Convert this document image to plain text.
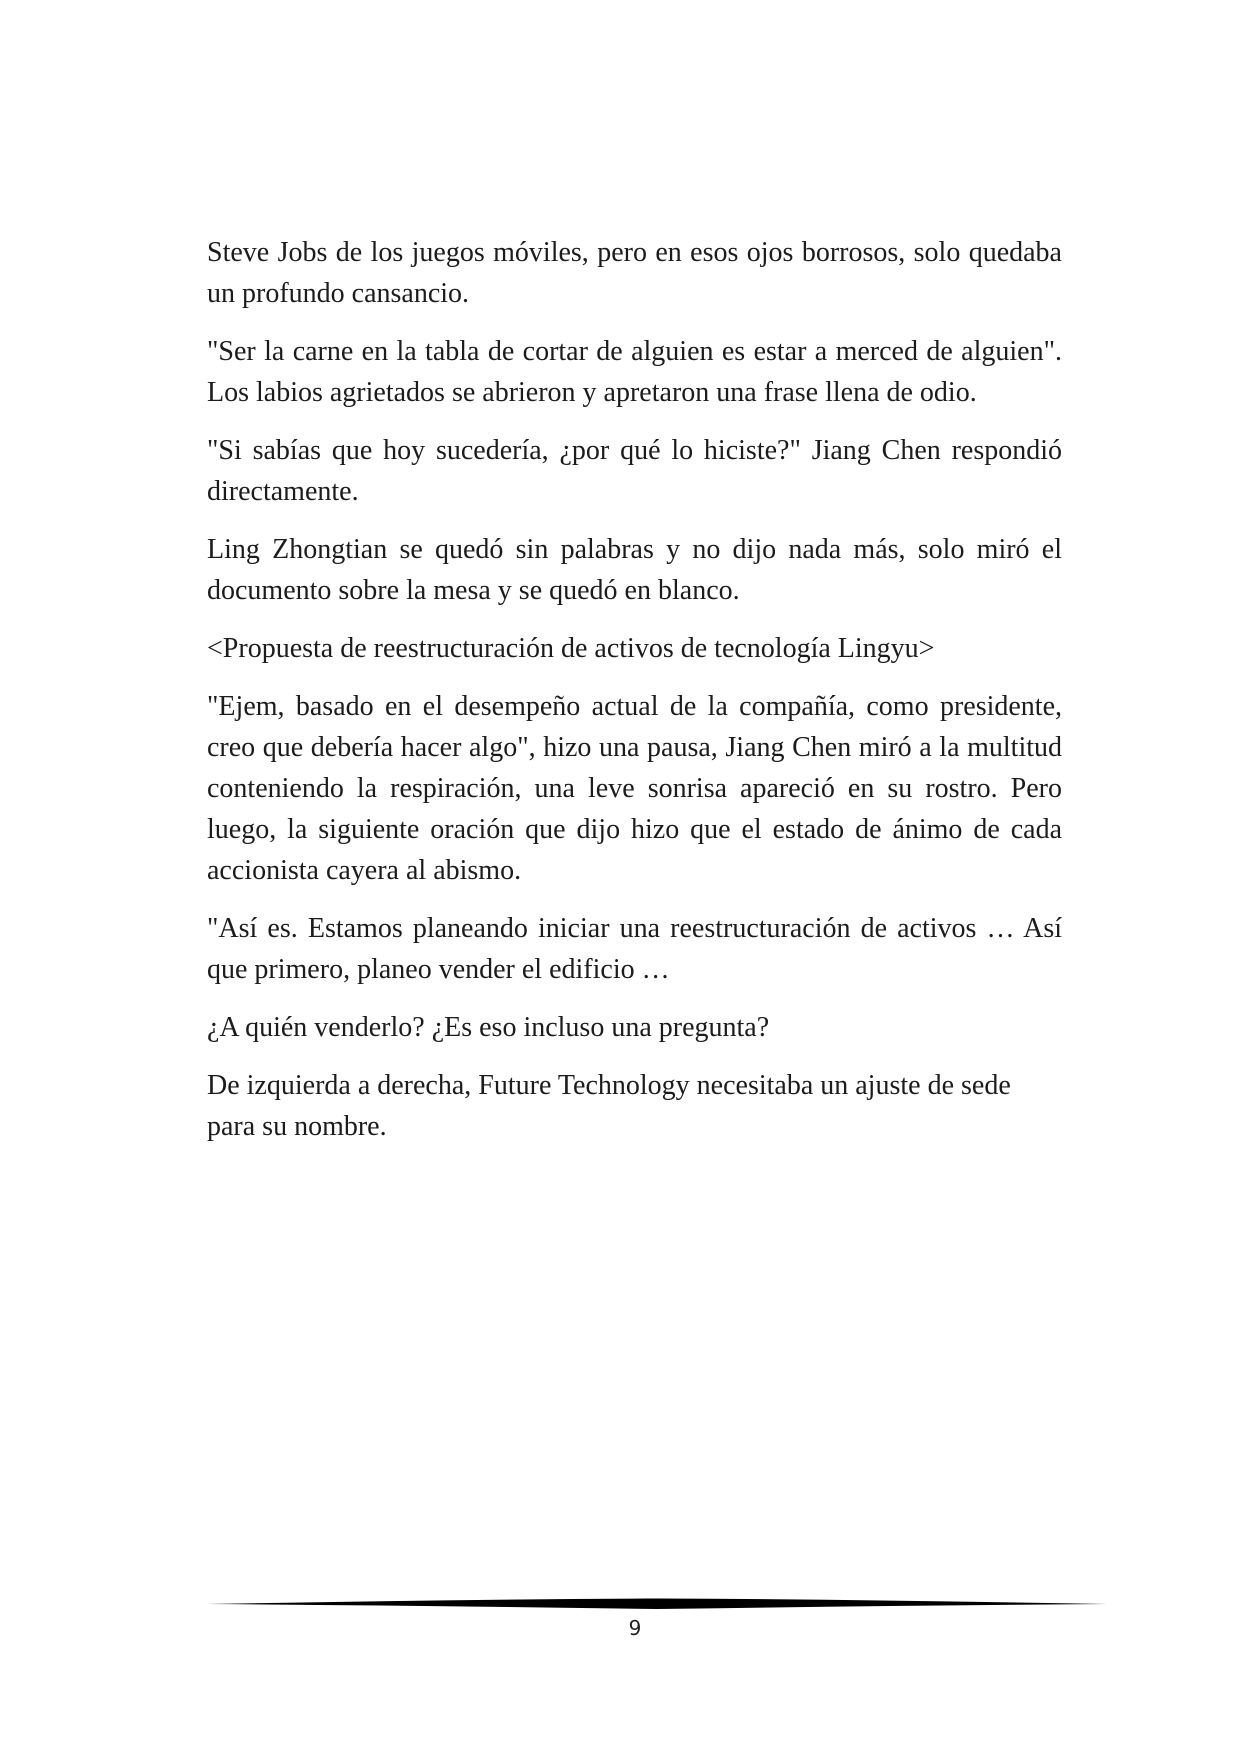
Steve Jobs de los juegos móviles, pero en esos ojos borrosos, solo quedaba un profundo cansancio.

"Ser la carne en la tabla de cortar de alguien es estar a merced de alguien". Los labios agrietados se abrieron y apretaron una frase llena de odio.

"Si sabías que hoy sucedería, ¿por qué lo hiciste?" Jiang Chen respondió directamente.

Ling Zhongtian se quedó sin palabras y no dijo nada más, solo miró el documento sobre la mesa y se quedó en blanco.

<Propuesta de reestructuración de activos de tecnología Lingyu>

"Ejem, basado en el desempeño actual de la compañía, como presidente, creo que debería hacer algo", hizo una pausa, Jiang Chen miró a la multitud conteniendo la respiración, una leve sonrisa apareció en su rostro. Pero luego, la siguiente oración que dijo hizo que el estado de ánimo de cada accionista cayera al abismo.

"Así es. Estamos planeando iniciar una reestructuración de activos … Así que primero, planeo vender el edificio …

¿A quién venderlo? ¿Es eso incluso una pregunta?

De izquierda a derecha, Future Technology necesitaba un ajuste de sede para su nombre.

9
